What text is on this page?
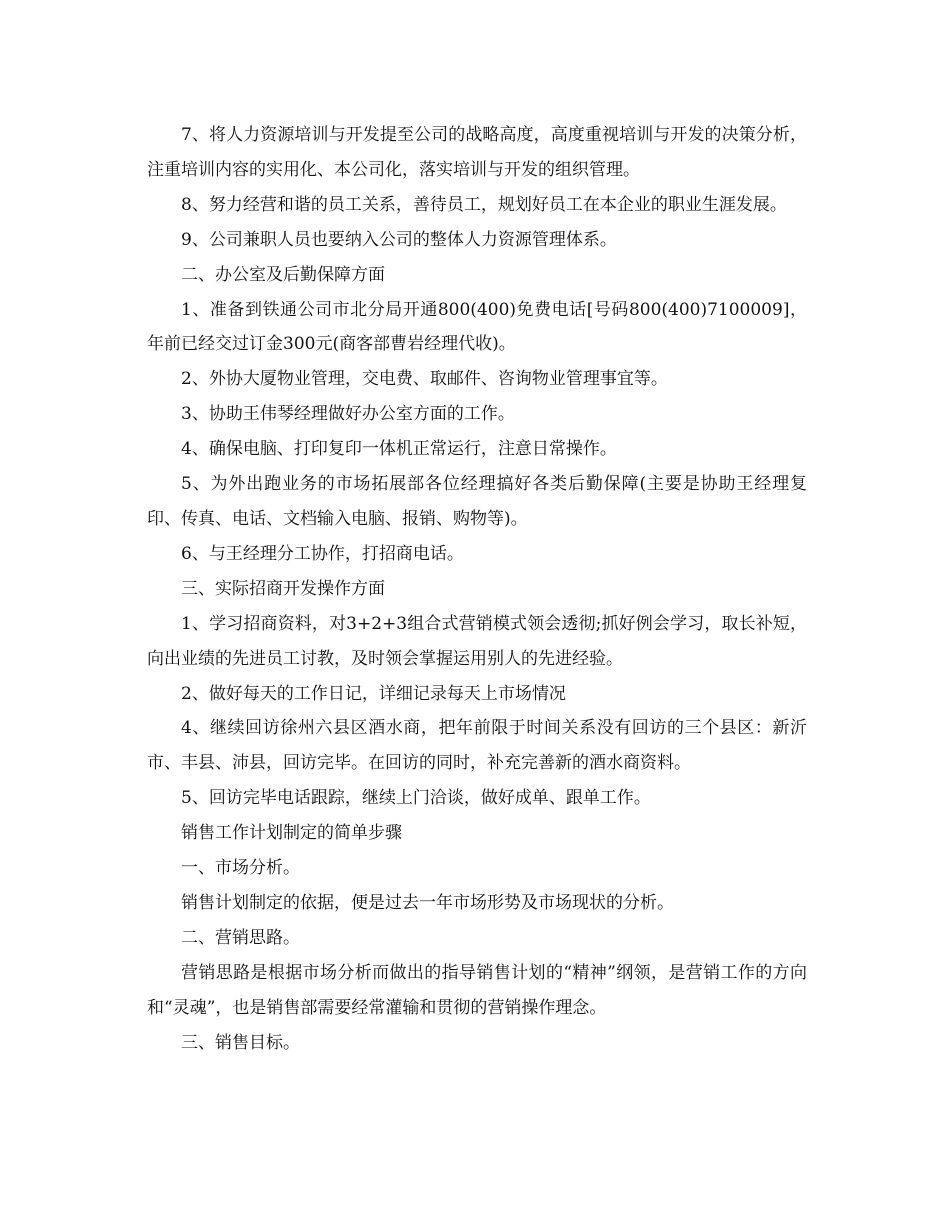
7、将人力资源培训与开发提至公司的战略高度，高度重视培训与开发的决策分析，注重培训内容的实用化、本公司化，落实培训与开发的组织管理。

8、努力经营和谐的员工关系，善待员工，规划好员工在本企业的职业生涯发展。

9、公司兼职人员也要纳入公司的整体人力资源管理体系。

二、办公室及后勤保障方面

1、准备到铁通公司市北分局开通800(400)免费电话[号码800(400)7100009]，年前已经交过订金300元(商客部曹岩经理代收)。

2、外协大厦物业管理，交电费、取邮件、咨询物业管理事宜等。

3、协助王伟琴经理做好办公室方面的工作。

4、确保电脑、打印复印一体机正常运行，注意日常操作。

5、为外出跑业务的市场拓展部各位经理搞好各类后勤保障(主要是协助王经理复印、传真、电话、文档输入电脑、报销、购物等)。

6、与王经理分工协作，打招商电话。

三、实际招商开发操作方面

1、学习招商资料，对3+2+3组合式营销模式领会透彻;抓好例会学习，取长补短，向出业绩的先进员工讨教，及时领会掌握运用别人的先进经验。

2、做好每天的工作日记，详细记录每天上市场情况

4、继续回访徐州六县区酒水商，把年前限于时间关系没有回访的三个县区：新沂市、丰县、沛县，回访完毕。在回访的同时，补充完善新的酒水商资料。

5、回访完毕电话跟踪，继续上门洽谈，做好成单、跟单工作。

销售工作计划制定的简单步骤

一、市场分析。

销售计划制定的依据，便是过去一年市场形势及市场现状的分析。

二、营销思路。

营销思路是根据市场分析而做出的指导销售计划的“精神”纲领，是营销工作的方向和“灵魂”，也是销售部需要经常灌输和贯彻的营销操作理念。

三、销售目标。
